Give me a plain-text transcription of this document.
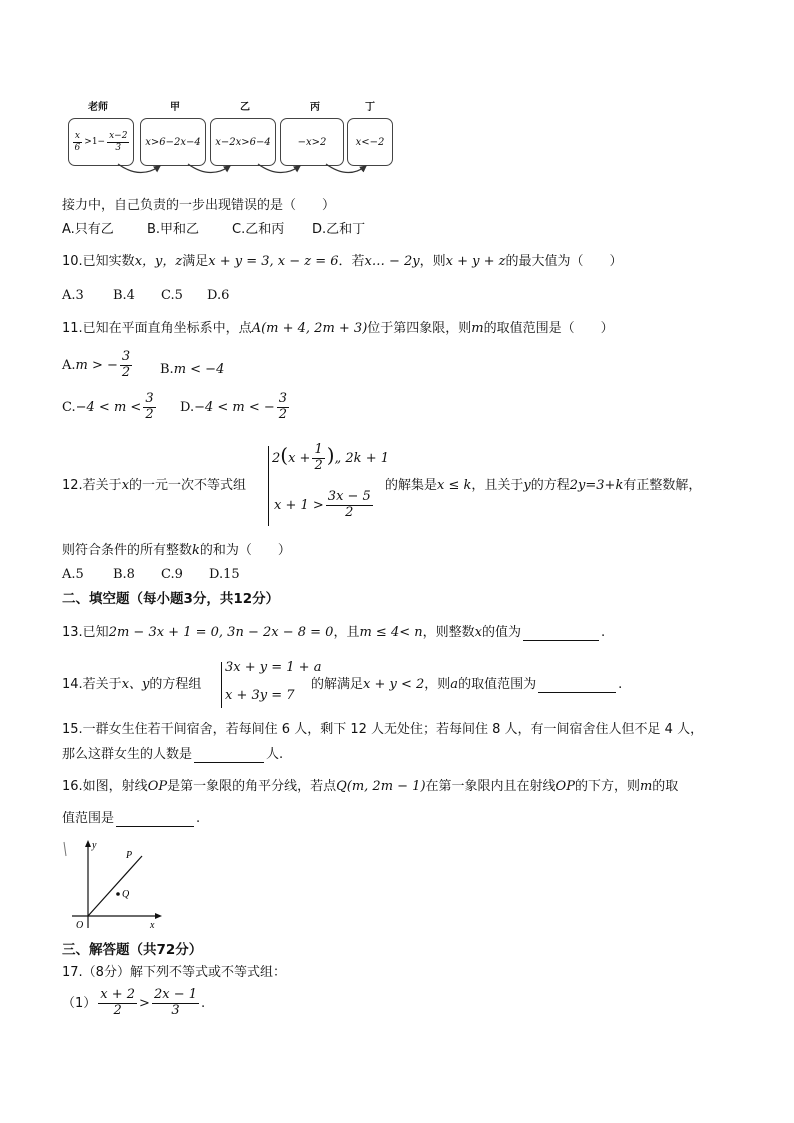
老师	甲	乙	丙	丁
$\frac{x}{6} >1- \frac{x-2}{3} x>6-2x-4$ x−2x>6−4	−x>2	x<−2
接力中，自己负责的一步出现错误的是（　　）
A.只有乙	B.甲和乙	C.乙和丙 D.乙和丁
10.已知实数x，y，z满足x + y = 3, x − z = 6．若x… − 2y，则x + y + z的最大值为（　　）
A.3 B.4 C.5 D.6
11.已知在平面直角坐标系中，点A(m + 4, 2m + 3)位于第四象限，则m的取值范围是（　　）
A.m > − $\frac{3}{2} B.m < -4$
$C.-4 < m < \frac{3}{2} D.-4 < m$ < − $\frac{3}{2}$
12.若关于x的一元一次不等式组
$2(x + \frac{1}{2}$ )„ 2k + 1
$x + 1 > \frac{3x - 5}{2}$
的解集是x ≤ k，且关于y的方程2y=3+k有正整数解，
则符合条件的所有整数k的和为（　　）
A.5 B.8 C.9 D.15
二、填空题（每小题3分，共12分）
13.已知2m − 3x + 1 = 0, 3n − 2x − 8 = 0，且m ≤ 4< n，则整数x的值为	.
14.若关于x、y的方程组
3x + y = 1 + a
x + 3y = 7
的解满足x + y < 2，则a的取值范围为	.
15.一群女生住若干间宿舍，若每间住 6 人，剩下 12 人无处住；若每间住 8 人，有一间宿舍住人但不足 4 人，
那么这群女生的人数是	人.
16.如图，射线OP是第一象限的角平分线，若点Q(m, 2m − 1)在第一象限内且在射线OP的下方，则m的取
值范围是	.
y
x
O
P
Q
三、解答题（共72分）
17.（8分）解下列不等式或不等式组：
$(1) \frac{x + 2}{2} > \frac{2x - 1}{3}$ .
